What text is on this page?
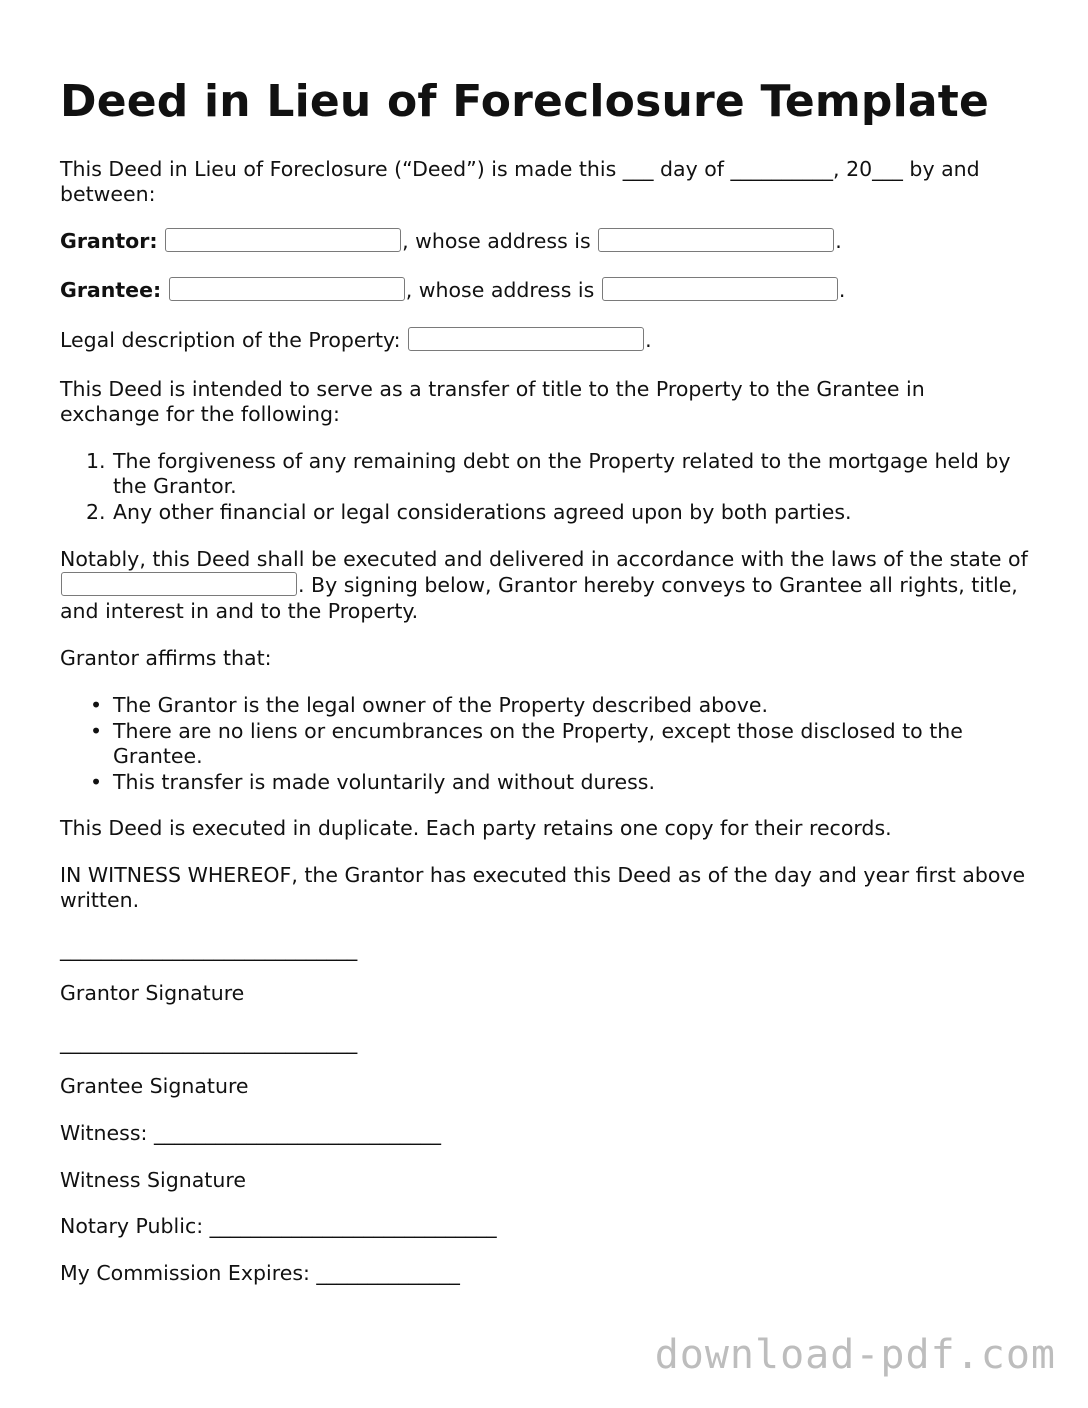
Deed in Lieu of Foreclosure Template
This Deed in Lieu of Foreclosure (“Deed”) is made this ___ day of __________, 20___ by and between:
Grantor:	, whose address is	.
Grantee:	, whose address is	.
Legal description of the Property:	.
This Deed is intended to serve as a transfer of title to the Property to the Grantee in exchange for the following:
1. The forgiveness of any remaining debt on the Property related to the mortgage held by the Grantor.
2. Any other financial or legal considerations agreed upon by both parties.
Notably, this Deed shall be executed and delivered in accordance with the laws of the state of . By signing below, Grantor hereby conveys to Grantee all rights, title, and interest in and to the Property.
Grantor affirms that:
• The Grantor is the legal owner of the Property described above.
• There are no liens or encumbrances on the Property, except those disclosed to the Grantee.
• This transfer is made voluntarily and without duress.
This Deed is executed in duplicate. Each party retains one copy for their records.
IN WITNESS WHEREOF, the Grantor has executed this Deed as of the day and year first above written.
_____________________________
Grantor Signature
_____________________________
Grantee Signature
Witness: ____________________________
Witness Signature
Notary Public: ____________________________
My Commission Expires: ______________
download-pdf.com
